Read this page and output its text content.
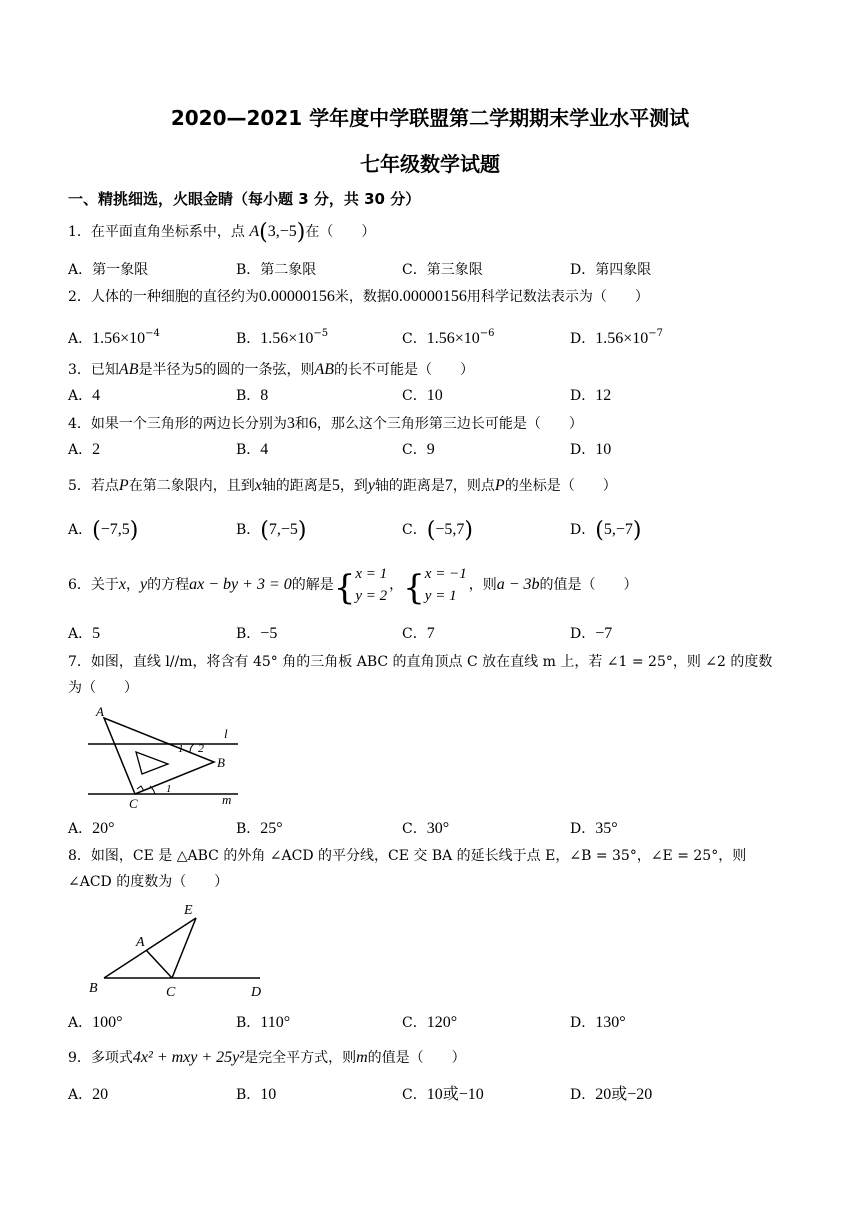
2020—2021 学年度中学联盟第二学期期末学业水平测试
七年级数学试题
一、精挑细选，火眼金睛（每小题 3 分，共 30 分）
1．在平面直角坐标系中，点 A(3,−5)在（　　）
A．第一象限	B．第二象限	C．第三象限	D．第四象限
2．人体的一种细胞的直径约为0.00000156米，数据0.00000156用科学记数法表示为（　　）
A．$1.56\times 10^{-4}$	B．$1.56\times 10^{-5}$	C．$1.56\times 10^{-6}$	D．$1.56\times 10^{-7}$
3．已知AB是半径为5的圆的一条弦，则AB的长不可能是（　　）
A．4	B．8	C．10	D．12
4．如果一个三角形的两边长分别为3和6，那么这个三角形第三边长可能是（　　）
A．2	B．4	C．9	D．10
5．若点P在第二象限内，且到x轴的距离是5，到y轴的距离是7，则点P的坐标是（　　）
A．(−7,5)	B．(7,−5)	C．(−5,7)	D．(5,−7)
6．关于x，y的方程ax − by + 3 = 0的解是{ x = 1
y = 2
，{ x = −1
y = 1
，则a − 3b的值是（　　）
A．5	B．−5	C．7	D．−7
7．如图，直线 l//m，将含有 45° 角的三角板 ABC 的直角顶点 C 放在直线 m 上，若 ∠1 = 25°，则 ∠2 的度数
为（　　）
A
B
C
l
m
1 2
1
A．20°	B．25°	C．30°	D．35°
8．如图，CE 是 △ABC 的外角 ∠ACD 的平分线，CE 交 BA 的延长线于点 E，∠B = 35°，∠E = 25°，则
∠ACD 的度数为（　　）
E
A
B	C	D
A．100°	B．110°	C．120°	D．130°
9．多项式4x² + mxy + 25y²是完全平方式，则m的值是（　　）
A．20	B．10	C．10或−10	D．20或−20
